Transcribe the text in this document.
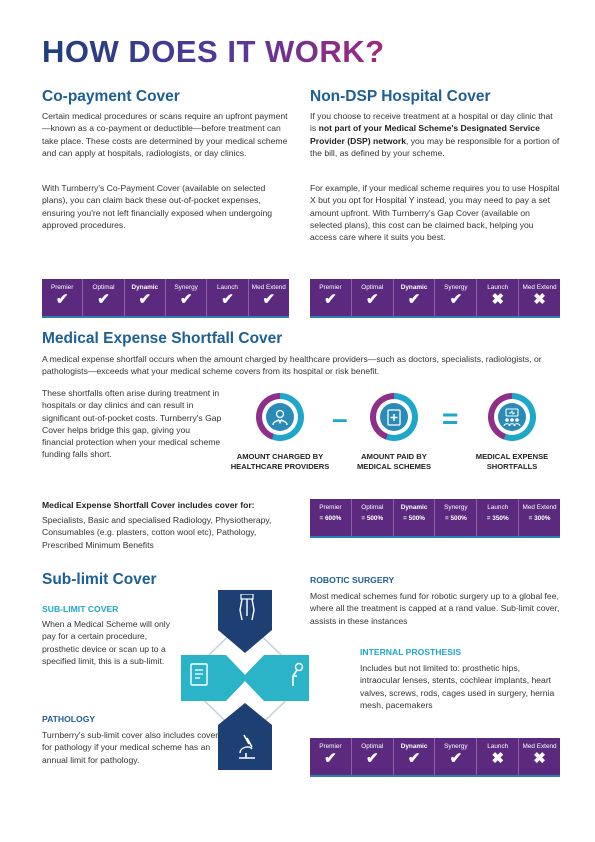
HOW DOES IT WORK?
Co-payment Cover

Certain medical procedures or scans require an upfront payment—known as a co-payment or deductible—before treatment can take place. These costs are determined by your medical scheme and can apply at hospitals, radiologists, or day clinics.

With Turnberry's Co-Payment Cover (available on selected plans), you can claim back these out-of-pocket expenses, ensuring you're not left financially exposed when undergoing approved procedures.

Premier
✔
Optimal
✔
Dynamic
✔
Synergy
✔
Launch
✔
Med Extend
✔
Non-DSP Hospital Cover

If you choose to receive treatment at a hospital or day clinic that is not part of your Medical Scheme's Designated Service Provider (DSP) network, you may be responsible for a portion of the bill, as defined by your scheme.

For example, if your medical scheme requires you to use Hospital X but you opt for Hospital Y instead, you may need to pay a set amount upfront. With Turnberry's Gap Cover (available on selected plans), this cost can be claimed back, helping you access care where it suits you best.

Premier
✔
Optimal
✔
Dynamic
✔
Synergy
✔
Launch
✖
Med Extend
✖
Medical Expense Shortfall Cover

A medical expense shortfall occurs when the amount charged by healthcare providers—such as doctors, specialists, radiologists, or pathologists—exceeds what your medical scheme covers from its hospital or risk benefit.

These shortfalls often arise during treatment in hospitals or day clinics and can result in significant out-of-pocket costs. Turnberry's Gap Cover helps bridge this gap, giving you financial protection when your medical scheme funding falls short.	AMOUNT CHARGED BY HEALTHCARE PROVIDERS
–
AMOUNT PAID BY MEDICAL SCHEMES
=
MEDICAL EXPENSE SHORTFALLS

Medical Expense Shortfall Cover includes cover for:

Specialists, Basic and specialised Radiology, Physiotherapy, Consumables (e.g. plasters, cotton wool etc), Pathology, Prescribed Minimum Benefits

Premier
= 600%
Optimal
= 500%
Dynamic
= 500%
Synergy
= 500%
Launch
= 350%
Med Extend
= 300%
Sub-limit Cover
SUB-LIMIT COVER

When a Medical Scheme will only pay for a certain procedure, prosthetic device or scan up to a specified limit, this is a sub-limit.

PATHOLOGY

Turnberry's sub-limit cover also includes cover for pathology if your medical scheme has an annual limit for pathology.

ROBOTIC SURGERY

Most medical schemes fund for robotic surgery up to a global fee, where all the treatment is capped at a rand value. Sub-limit cover, assists in these instances

INTERNAL PROSTHESIS

Includes but not limited to: prosthetic hips, intraocular lenses, stents, cochlear implants, heart valves, screws, rods, cages used in surgery, hernia mesh, pacemakers

Premier
✔
Optimal
✔
Dynamic
✔
Synergy
✔
Launch
✖
Med Extend
✖
